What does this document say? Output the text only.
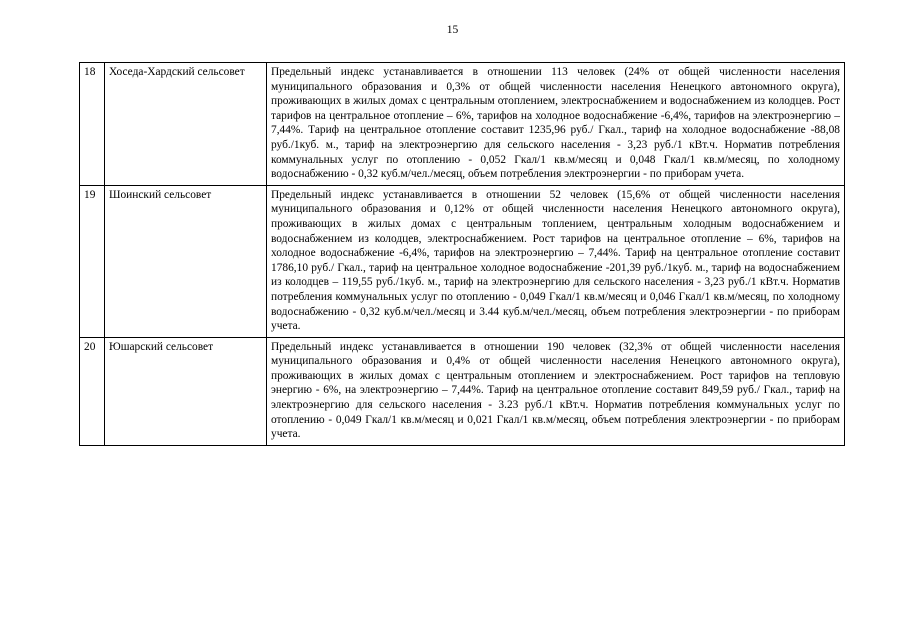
15
18	Хоседа-Хардский сельсовет	Предельный индекс устанавливается в отношении 113 человек (24% от общей численности населения муниципального образования и 0,3% от общей численности населения Ненецкого автономного округа), проживающих в жилых домах с центральным отоплением, электроснабжением и водоснабжением из колодцев. Рост тарифов на центральное отопление – 6%, тарифов на холодное водоснабжение -6,4%, тарифов на электроэнергию – 7,44%. Тариф на центральное отопление составит 1235,96 руб./ Гкал., тариф на холодное водоснабжение -88,08 руб./1куб. м., тариф на электроэнергию для сельского населения - 3,23 руб./1 кВт.ч. Норматив потребления коммунальных услуг по отоплению - 0,052 Гкал/1 кв.м/месяц и 0,048 Гкал/1 кв.м/месяц, по холодному водоснабжению - 0,32 куб.м/чел./месяц, объем потребления электроэнергии - по приборам учета.
19	Шоинский сельсовет	Предельный индекс устанавливается в отношении 52 человек (15,6% от общей численности населения муниципального образования и 0,12% от общей численности населения Ненецкого автономного округа), проживающих в жилых домах с центральным топлением, центральным холодным водоснабжением и водоснабжением из колодцев, электроснабжением. Рост тарифов на центральное отопление – 6%, тарифов на холодное водоснабжение -6,4%, тарифов на электроэнергию – 7,44%. Тариф на центральное отопление составит 1786,10 руб./ Гкал., тариф на центральное холодное водоснабжение -201,39 руб./1куб. м., тариф на водоснабжением из колодцев – 119,55 руб./1куб. м., тариф на электроэнергию для сельского населения - 3,23 руб./1 кВт.ч. Норматив потребления коммунальных услуг по отоплению - 0,049 Гкал/1 кв.м/месяц и 0,046 Гкал/1 кв.м/месяц, по холодному водоснабжению - 0,32 куб.м/чел./месяц и 3.44 куб.м/чел./месяц, объем потребления электроэнергии - по приборам учета.
20	Юшарский сельсовет	Предельный индекс устанавливается в отношении 190 человек (32,3% от общей численности населения муниципального образования и 0,4% от общей численности населения Ненецкого автономного округа), проживающих в жилых домах с центральным отоплением и электроснабжением. Рост тарифов на тепловую энергию - 6%, на электроэнергию – 7,44%. Тариф на центральное отопление составит 849,59 руб./ Гкал., тариф на электроэнергию для сельского населения - 3.23 руб./1 кВт.ч. Норматив потребления коммунальных услуг по отоплению - 0,049 Гкал/1 кв.м/месяц и 0,021 Гкал/1 кв.м/месяц, объем потребления электроэнергии - по приборам учета.
